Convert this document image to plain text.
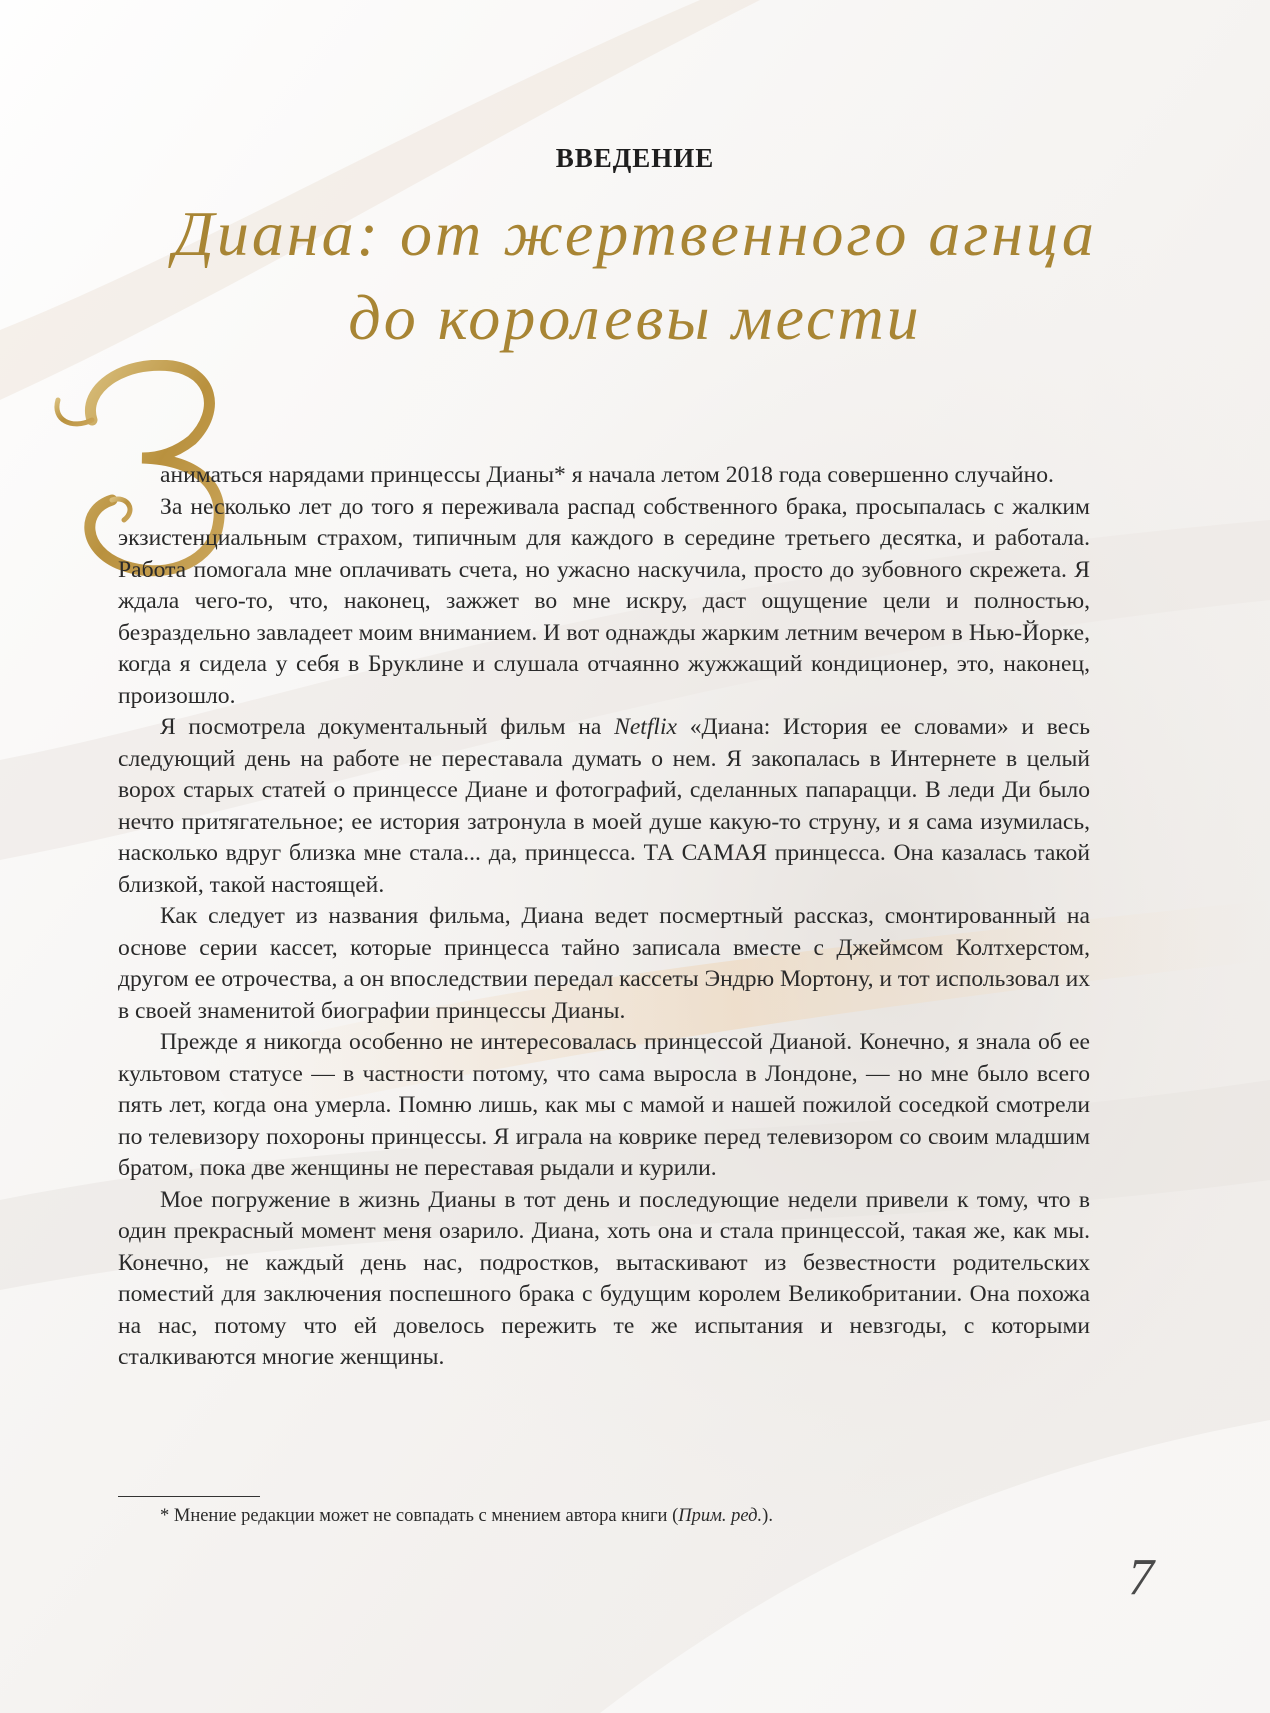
ВВЕДЕНИЕ
Диана: от жертвенного агнца
до королевы мести
З

аниматься нарядами принцессы Дианы* я начала летом 2018 года совершенно случайно.

За несколько лет до того я переживала распад собственного брака, просыпалась с жалким экзистенциальным страхом, типичным для каждого в середине третьего десятка, и работала. Работа помогала мне оплачивать счета, но ужасно наскучила, просто до зубовного скрежета. Я ждала чего-то, что, наконец, зажжет во мне искру, даст ощущение цели и полностью, безраздельно завладеет моим вниманием. И вот однажды жарким летним вечером в Нью-Йорке, когда я сидела у себя в Бруклине и слушала отчаянно жужжащий кондиционер, это, наконец, произошло.

Я посмотрела документальный фильм на Netflix «Диана: История ее словами» и весь следующий день на работе не переставала думать о нем. Я закопалась в Интернете в целый ворох старых статей о принцессе Диане и фотографий, сделанных папарацци. В леди Ди было нечто притягательное; ее история затронула в моей душе какую-то струну, и я сама изумилась, насколько вдруг близка мне стала... да, принцесса. ТА САМАЯ принцесса. Она казалась такой близкой, такой настоящей.

Как следует из названия фильма, Диана ведет посмертный рассказ, смонтированный на основе серии кассет, которые принцесса тайно записала вместе с Джеймсом Колтхерстом, другом ее отрочества, а он впоследствии передал кассеты Эндрю Мортону, и тот использовал их в своей знаменитой биографии принцессы Дианы.

Прежде я никогда особенно не интересовалась принцессой Дианой. Конечно, я знала об ее культовом статусе — в частности потому, что сама выросла в Лондоне, — но мне было всего пять лет, когда она умерла. Помню лишь, как мы с мамой и нашей пожилой соседкой смотрели по телевизору похороны принцессы. Я играла на коврике перед телевизором со своим младшим братом, пока две женщины не переставая рыдали и курили.

Мое погружение в жизнь Дианы в тот день и последующие недели привели к тому, что в один прекрасный момент меня озарило. Диана, хоть она и стала принцессой, такая же, как мы. Конечно, не каждый день нас, подростков, вытаскивают из безвестности родительских поместий для заключения поспешного брака с будущим королем Великобритании. Она похожа на нас, потому что ей довелось пережить те же испытания и невзгоды, с которыми сталкиваются многие женщины.

* Мнение редакции может не совпадать с мнением автора книги (Прим. ред.).

7
